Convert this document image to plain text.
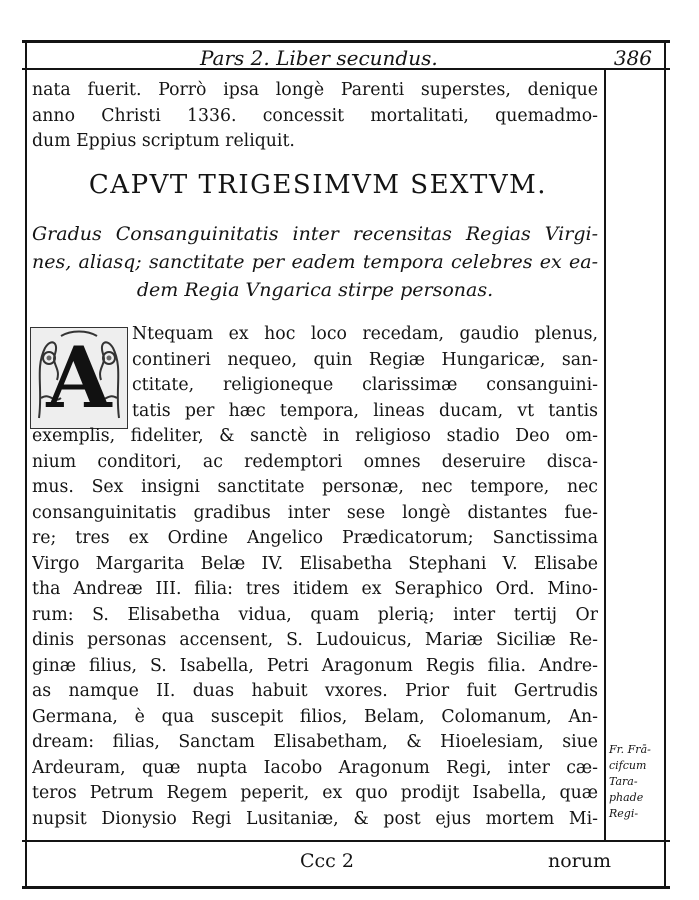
Pars 2. Liber secundus.	386
nata fuerit. Porrò ipsa longè Parenti superstes, denique
anno Christi 1336. concessit mortalitati, quemadmo-
dum Eppius scriptum reliquit.
CAPVT TRIGESIMVM SEXTVM.
Gradus Consanguinitatis inter recensitas Regias Virgi-
nes, aliasq; sanctitate per eadem tempora celebres ex ea-
dem Regia Vngarica stirpe personas.
A Ntequam ex hoc loco recedam, gaudio plenus,
contineri nequeo, quin Regiæ Hungaricæ, san-
ctitate, religioneque clarissimæ consanguini-
tatis per hæc tempora, lineas ducam, vt tantis
exemplis, fideliter, & sanctè in religioso stadio Deo om-
nium conditori, ac redemptori omnes deseruire disca-
mus. Sex insigni sanctitate personæ, nec tempore, nec
consanguinitatis gradibus inter sese longè distantes fue-
re; tres ex Ordine Angelico Prædicatorum; Sanctissima
Virgo Margarita Belæ IV. Elisabetha Stephani V. Elisabe
tha Andreæ III. filia: tres itidem ex Seraphico Ord. Mino-
rum: S. Elisabetha vidua, quam plerią; inter tertij Or
dinis personas accensent, S. Ludouicus, Mariæ Siciliæ Re-
ginæ filius, S. Isabella, Petri Aragonum Regis filia. Andre-
as namque II. duas habuit vxores. Prior fuit Gertrudis
Germana, è qua suscepit filios, Belam, Colomanum, An-
dream: filias, Sanctam Elisabetham, & Hioelesiam, siue
Ardeuram, quæ nupta Iacobo Aragonum Regi, inter cæ-
teros Petrum Regem peperit, ex quo prodijt Isabella, quæ
nupsit Dionysio Regi Lusitaniæ, & post ejus mortem Mi-
Fr. Frā-
cifcum
Tara-
phade
Regi-
Ccc 2	norum
